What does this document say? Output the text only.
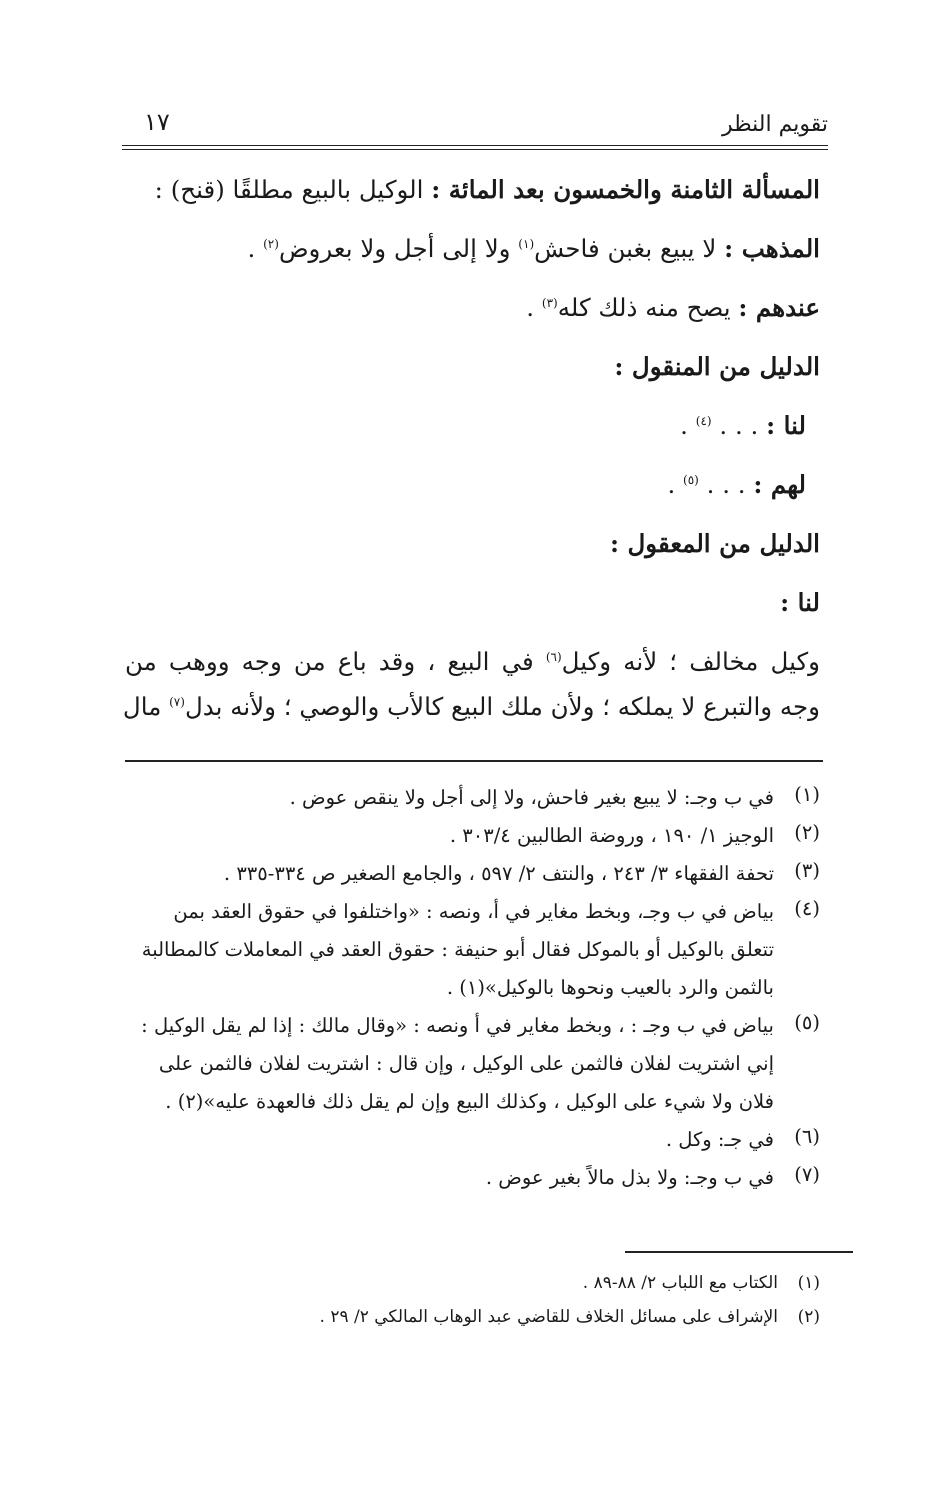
تقويم النظر
١٧
المسألة الثامنة والخمسون بعد المائة : الوكيل بالبيع مطلقًا (قنح) :
المذهب : لا يبيع بغبن فاحش$^{(١)}$ ولا إلى أجل ولا بعروض$^{(٢)}$ .
عندهم : يصح منه ذلك كله$^{(٣)}$ .
الدليل من المنقول :
لنا : . . . $^{(٤)}$ .
لهم : . . . $^{(٥)}$ .
الدليل من المعقول :
لنا :
وكيل مخالف ؛ لأنه وكيل$^{(٦)}$ في البيع ، وقد باع من وجه ووهب من
وجه والتبرع لا يملكه ؛ ولأن ملك البيع كالأب والوصي ؛ ولأنه بدل$^{(٧)}$ مال
(١)
في ب وجـ: لا يبيع بغير فاحش، ولا إلى أجل ولا ينقص عوض .
(٢)
الوجيز ١/ ١٩٠ ، وروضة الطالبين ٣٠٣/٤ .
(٣)
تحفة الفقهاء ٣/ ٢٤٣ ، والنتف ٢/ ٥٩٧ ، والجامع الصغير ص ٣٣٤-٣٣٥ .
(٤)
بياض في ب وجـ، وبخط مغاير في أ، ونصه : «واختلفوا في حقوق العقد بمن
تتعلق بالوكيل أو بالموكل فقال أبو حنيفة : حقوق العقد في المعاملات كالمطالبة
بالثمن والرد بالعيب ونحوها بالوكيل»(١) .
(٥)
بياض في ب وجـ : ، وبخط مغاير في أ ونصه : «وقال مالك : إذا لم يقل الوكيل :
إني اشتريت لفلان فالثمن على الوكيل ، وإن قال : اشتريت لفلان فالثمن على
فلان ولا شيء على الوكيل ، وكذلك البيع وإن لم يقل ذلك فالعهدة عليه»(٢) .
(٦)
في جـ: وكل .
(٧)
في ب وجـ: ولا بذل مالاً بغير عوض .
(١)
الكتاب مع اللباب ٢/ ٨٨-٨٩ .
(٢)
الإشراف على مسائل الخلاف للقاضي عبد الوهاب المالكي ٢/ ٢٩ .
